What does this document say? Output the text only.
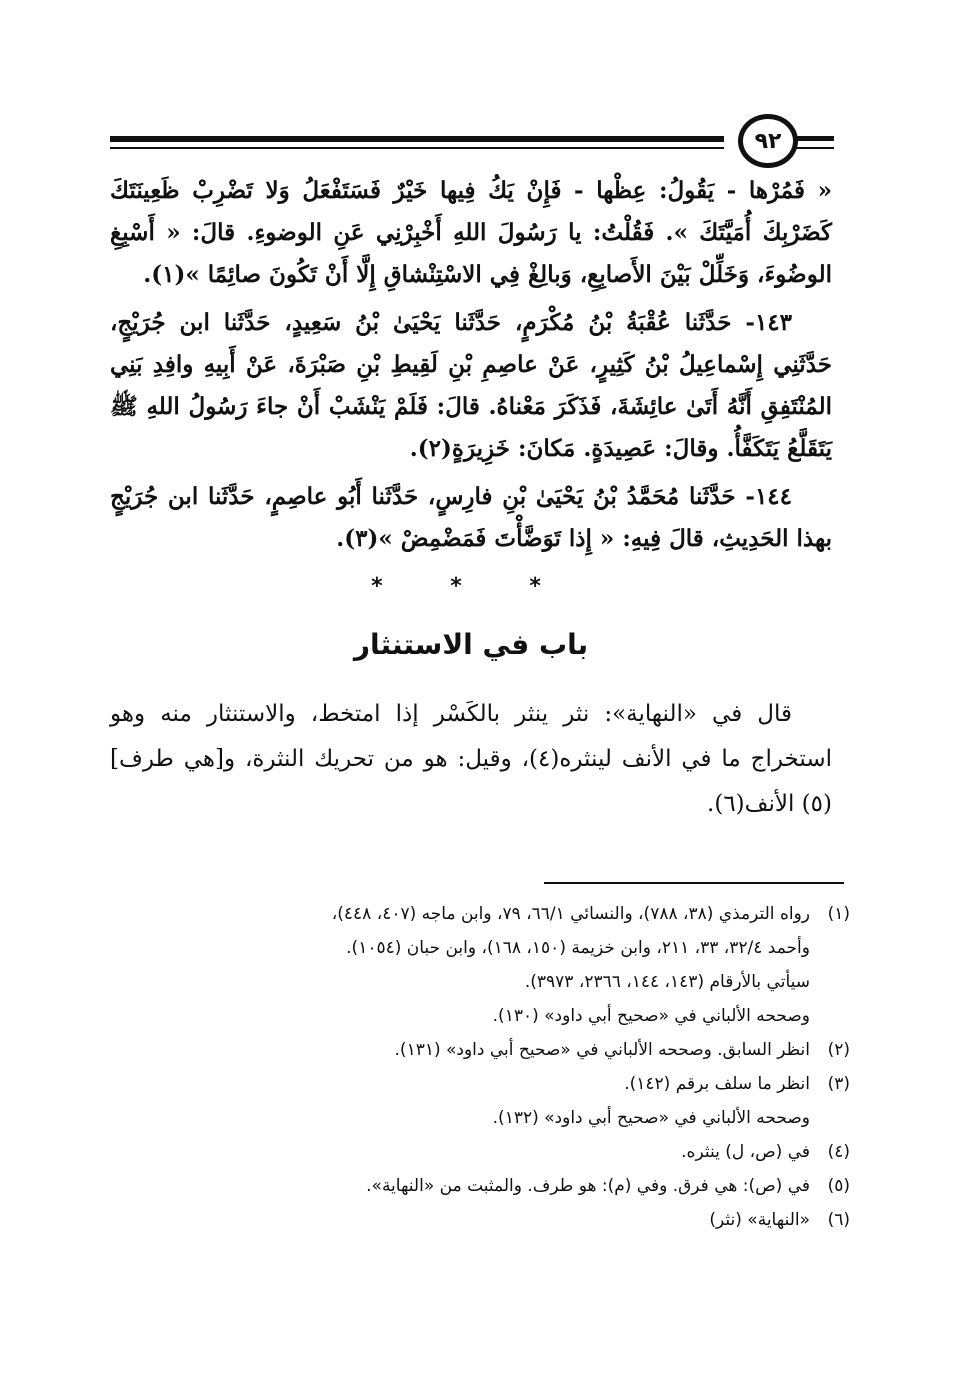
٩٢

« فَمُرْها - يَقُولُ: عِظْها - فَإِنْ يَكُ فِيها خَيْرٌ فَسَتَفْعَلُ وَلا تَضْرِبْ ظَعِينَتَكَ كَضَرْبِكَ أُمَيَّتَكَ ». فَقُلْتُ: يا رَسُولَ اللهِ أَخْبِرْنِي عَنِ الوضوءِ. قالَ: « أَسْبِغِ الوضُوءَ، وَخَلِّلْ بَيْنَ الأَصابِعِ، وَبالِغْ فِي الاسْتِنْشاقِ إِلَّا أَنْ تَكُونَ صائِمًا »(١).

١٤٣- حَدَّثَنا عُقْبَةُ بْنُ مُكْرَمٍ، حَدَّثَنا يَحْيَىٰ بْنُ سَعِيدٍ، حَدَّثَنا ابن جُرَيْجٍ، حَدَّثَنِي إِسْماعِيلُ بْنُ كَثِيرٍ، عَنْ عاصِمِ بْنِ لَقِيطِ بْنِ صَبْرَةَ، عَنْ أَبِيهِ وافِدِ بَنِي المُنْتَفِقِ أَنَّهُ أَتَىٰ عائِشَةَ، فَذَكَرَ مَعْناهُ. قالَ: فَلَمْ يَنْشَبْ أَنْ جاءَ رَسُولُ اللهِ ﷺ يَتَقَلَّعُ يَتَكَفَّأُ. وقالَ: عَصِيدَةٍ. مَكانَ: خَزِيرَةٍ(٢).

١٤٤- حَدَّثَنا مُحَمَّدُ بْنُ يَحْيَىٰ بْنِ فارِسٍ، حَدَّثَنا أَبُو عاصِمٍ، حَدَّثَنا ابن جُرَيْجٍ بهذا الحَدِيثِ، قالَ فِيهِ: « إِذا تَوَضَّأْتَ فَمَضْمِضْ »(٣).

* * *
باب في الاستنثار

قال في «النهاية»: نثر ينثر بالكَسْر إذا امتخط، والاستنثار منه وهو استخراج ما في الأنف لينثره(٤)، وقيل: هو من تحريك النثرة، و[هي طرف](٥) الأنف(٦).

(١)
رواه الترمذي (٣٨، ٧٨٨)، والنسائي ٦٦/١، ٧٩، وابن ماجه (٤٠٧، ٤٤٨)،
وأحمد ٣٢/٤، ٣٣، ٢١١، وابن خزيمة (١٥٠، ١٦٨)، وابن حبان (١٠٥٤).
سيأتي بالأرقام (١٤٣، ١٤٤، ٢٣٦٦، ٣٩٧٣).
وصححه الألباني في «صحيح أبي داود» (١٣٠).
(٢)
انظر السابق. وصححه الألباني في «صحيح أبي داود» (١٣١).
(٣)
انظر ما سلف برقم (١٤٢).
وصححه الألباني في «صحيح أبي داود» (١٣٢).
(٤)
في (ص، ل) ينثره.
(٥)
في (ص): هي فرق. وفي (م): هو طرف. والمثبت من «النهاية».
(٦)
«النهاية» (نثر)
